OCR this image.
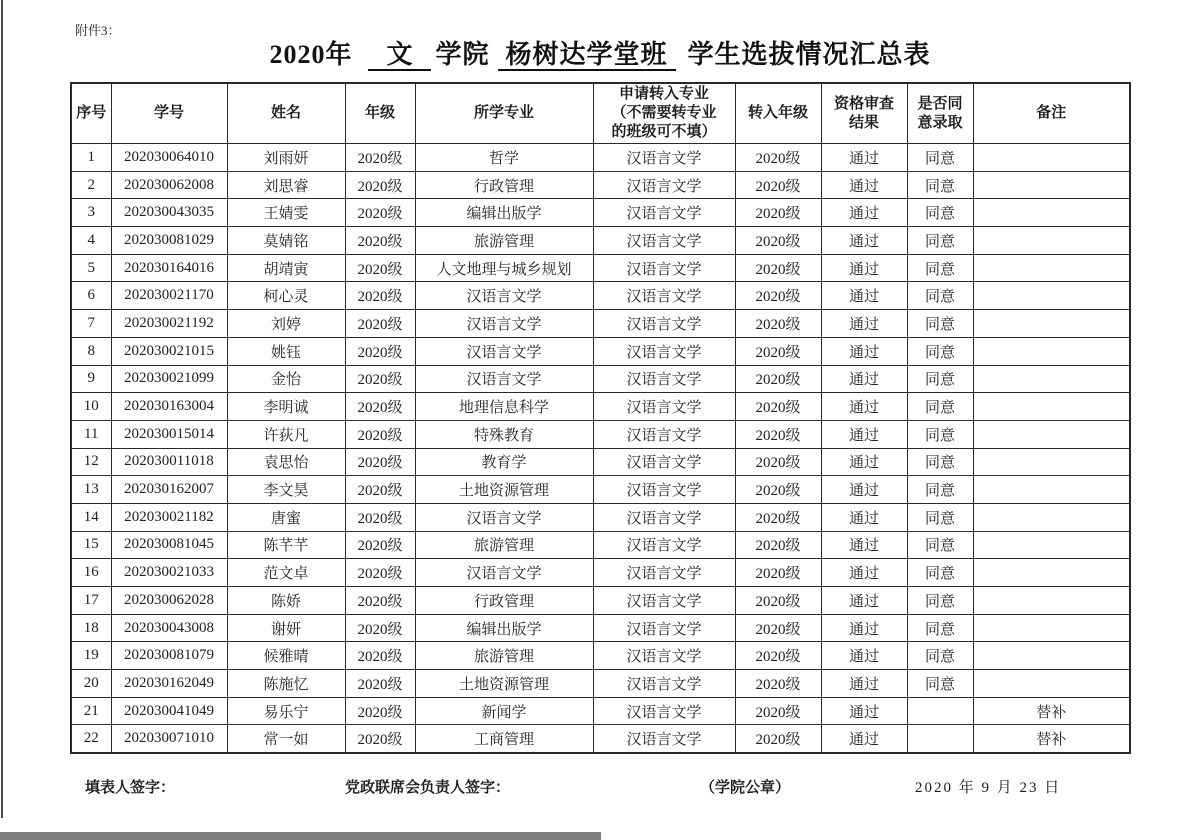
附件3：
2020年 文 学院 杨树达学堂班 学生选拔情况汇总表
序号	学号	姓名	年级	所学专业	申请转入专业
（不需要转专业
的班级可不填）	转入年级	资格审查
结果	是否同
意录取	备注
1	202030064010	刘雨妍	2020级	哲学	汉语言文学	2020级	通过	同意	
2	202030062008	刘思睿	2020级	行政管理	汉语言文学	2020级	通过	同意	
3	202030043035	王婧雯	2020级	编辑出版学	汉语言文学	2020级	通过	同意	
4	202030081029	莫婧铭	2020级	旅游管理	汉语言文学	2020级	通过	同意	
5	202030164016	胡靖寅	2020级	人文地理与城乡规划	汉语言文学	2020级	通过	同意	
6	202030021170	柯心灵	2020级	汉语言文学	汉语言文学	2020级	通过	同意	
7	202030021192	刘婷	2020级	汉语言文学	汉语言文学	2020级	通过	同意	
8	202030021015	姚钰	2020级	汉语言文学	汉语言文学	2020级	通过	同意	
9	202030021099	金怡	2020级	汉语言文学	汉语言文学	2020级	通过	同意	
10	202030163004	李明诚	2020级	地理信息科学	汉语言文学	2020级	通过	同意	
11	202030015014	许荻凡	2020级	特殊教育	汉语言文学	2020级	通过	同意	
12	202030011018	袁思怡	2020级	教育学	汉语言文学	2020级	通过	同意	
13	202030162007	李文昊	2020级	土地资源管理	汉语言文学	2020级	通过	同意	
14	202030021182	唐蜜	2020级	汉语言文学	汉语言文学	2020级	通过	同意	
15	202030081045	陈芊芊	2020级	旅游管理	汉语言文学	2020级	通过	同意	
16	202030021033	范文卓	2020级	汉语言文学	汉语言文学	2020级	通过	同意	
17	202030062028	陈娇	2020级	行政管理	汉语言文学	2020级	通过	同意	
18	202030043008	谢妍	2020级	编辑出版学	汉语言文学	2020级	通过	同意	
19	202030081079	候雅晴	2020级	旅游管理	汉语言文学	2020级	通过	同意	
20	202030162049	陈施忆	2020级	土地资源管理	汉语言文学	2020级	通过	同意	
21	202030041049	易乐宁	2020级	新闻学	汉语言文学	2020级	通过		替补
22	202030071010	常一如	2020级	工商管理	汉语言文学	2020级	通过		替补
填表人签字：	党政联席会负责人签字：	（学院公章）	2020 年 9 月 23 日
